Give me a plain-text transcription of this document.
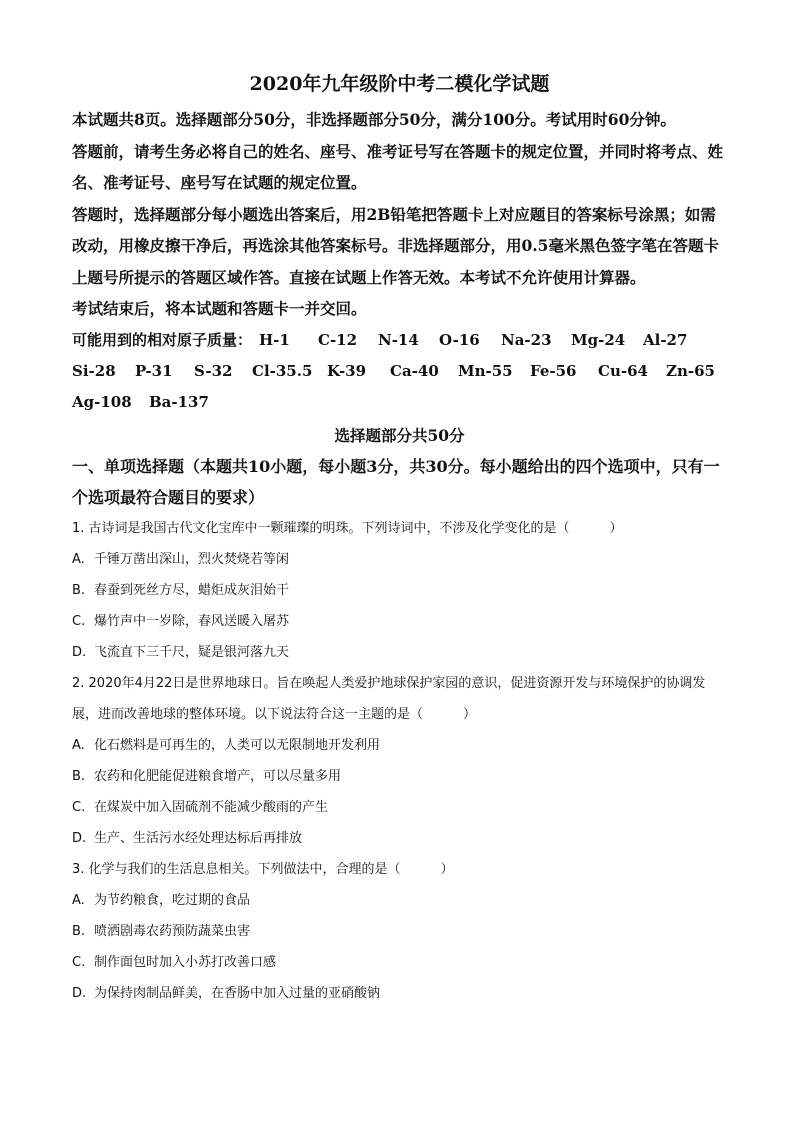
2020年九年级阶中考二模化学试题

本试题共8页。选择题部分50分，非选择题部分50分，满分100分。考试用时60分钟。

答题前，请考生务必将自己的姓名、座号、准考证号写在答题卡的规定位置，并同时将考点、姓名、准考证号、座号写在试题的规定位置。

答题时，选择题部分每小题选出答案后，用2B铅笔把答题卡上对应题目的答案标号涂黑；如需改动，用橡皮擦干净后，再选涂其他答案标号。非选择题部分，用0.5毫米黑色签字笔在答题卡上题号所提示的答题区域作答。直接在试题上作答无效。本考试不允许使用计算器。

考试结束后，将本试题和答题卡一并交回。

可能用到的相对原子质量： H-1	C-12	N-14	O-16	Na-23	Mg-24	Al-27
Si-28	P-31	S-32	Cl-35.5 K-39	Ca-40	Mn-55	Fe-56	Cu-64	Zn-65
Ag-108	Ba-137
选择题部分共50分
一、单项选择题（本题共10小题，每小题3分，共30分。每小题给出的四个选项中，只有一个选项最符合题目的要求）

1. 古诗词是我国古代文化宝库中一颗璀璨的明珠。下列诗词中，不涉及化学变化的是（	）

A. 千锤万凿出深山，烈火焚烧若等闲

B. 春蚕到死丝方尽，蜡炬成灰泪始干

C. 爆竹声中一岁除，春风送暖入屠苏

D. 飞流直下三千尺，疑是银河落九天

2. 2020年4月22日是世界地球日。旨在唤起人类爱护地球保护家园的意识，促进资源开发与环境保护的协调发展，进而改善地球的整体环境。以下说法符合这一主题的是（	）

A. 化石燃料是可再生的，人类可以无限制地开发利用

B. 农药和化肥能促进粮食增产，可以尽量多用

C. 在煤炭中加入固硫剂不能减少酸雨的产生

D. 生产、生活污水经处理达标后再排放

3. 化学与我们的生活息息相关。下列做法中，合理的是（	）

A. 为节约粮食，吃过期的食品

B. 喷洒剧毒农药预防蔬菜虫害

C. 制作面包时加入小苏打改善口感

D. 为保持肉制品鲜美，在香肠中加入过量的亚硝酸钠
